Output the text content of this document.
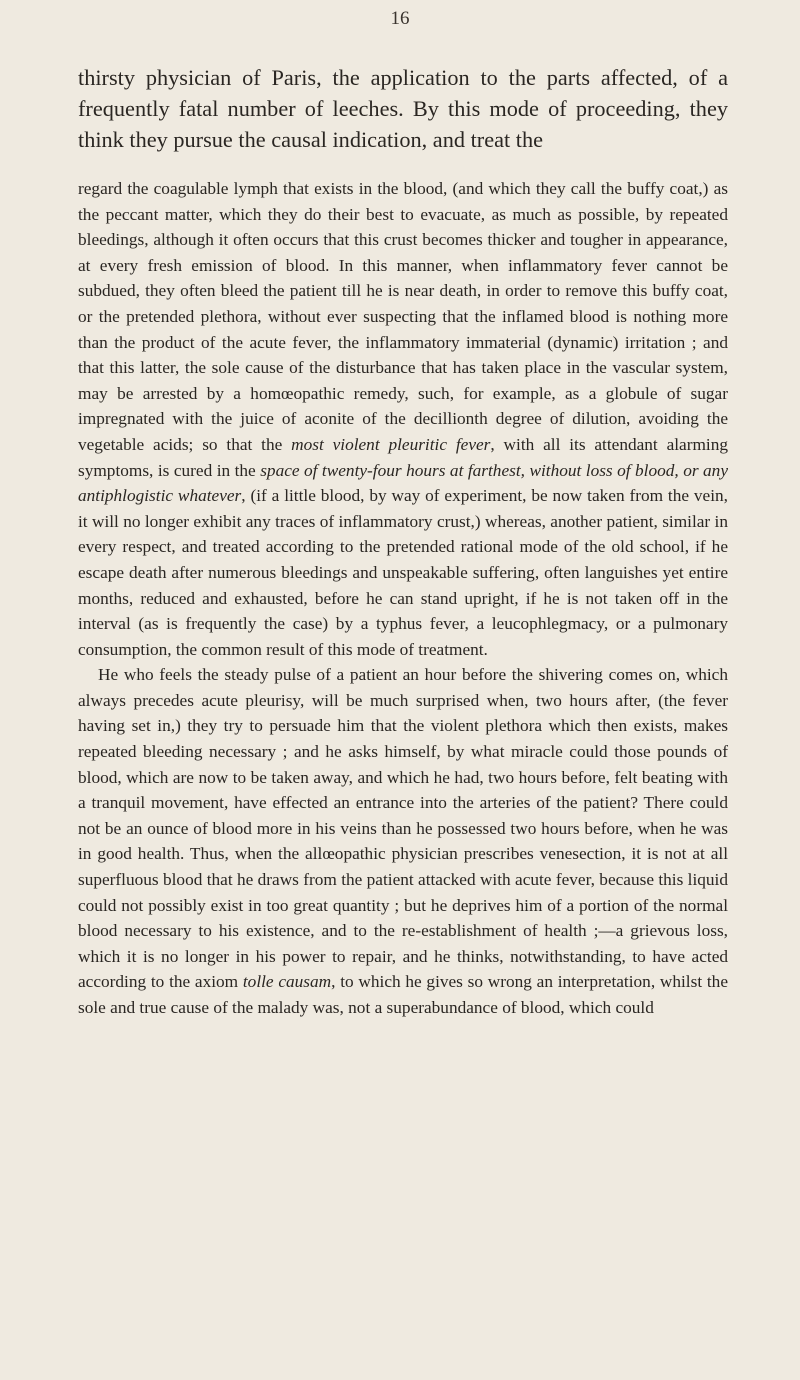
16

thirsty physician of Paris, the application to the parts affected, of a frequently fatal number of leeches. By this mode of proceeding, they think they pursue the causal indication, and treat the

regard the coagulable lymph that exists in the blood, (and which they call the buffy coat,) as the peccant matter, which they do their best to evacuate, as much as possible, by repeated bleedings, although it often occurs that this crust becomes thicker and tougher in appearance, at every fresh emission of blood. In this manner, when inflammatory fever cannot be subdued, they often bleed the patient till he is near death, in order to remove this buffy coat, or the pretended plethora, without ever suspecting that the inflamed blood is nothing more than the product of the acute fever, the inflammatory immaterial (dynamic) irritation ; and that this latter, the sole cause of the disturbance that has taken place in the vascular system, may be arrested by a homœopathic remedy, such, for example, as a globule of sugar impregnated with the juice of aconite of the decillionth degree of dilution, avoiding the vegetable acids; so that the most violent pleuritic fever, with all its attendant alarming symptoms, is cured in the space of twenty-four hours at farthest, without loss of blood, or any antiphlogistic whatever, (if a little blood, by way of experiment, be now taken from the vein, it will no longer exhibit any traces of inflammatory crust,) whereas, another patient, similar in every respect, and treated according to the pretended rational mode of the old school, if he escape death after numerous bleedings and unspeakable suffering, often languishes yet entire months, reduced and exhausted, before he can stand upright, if he is not taken off in the interval (as is frequently the case) by a typhus fever, a leucophlegmacy, or a pulmonary consumption, the common result of this mode of treatment.

He who feels the steady pulse of a patient an hour before the shivering comes on, which always precedes acute pleurisy, will be much surprised when, two hours after, (the fever having set in,) they try to persuade him that the violent plethora which then exists, makes repeated bleeding necessary ; and he asks himself, by what miracle could those pounds of blood, which are now to be taken away, and which he had, two hours before, felt beating with a tranquil movement, have effected an entrance into the arteries of the patient? There could not be an ounce of blood more in his veins than he possessed two hours before, when he was in good health. Thus, when the allœopathic physician prescribes venesection, it is not at all superfluous blood that he draws from the patient attacked with acute fever, because this liquid could not possibly exist in too great quantity ; but he deprives him of a portion of the normal blood necessary to his existence, and to the re-establishment of health ;—a grievous loss, which it is no longer in his power to repair, and he thinks, notwithstanding, to have acted according to the axiom tolle causam, to which he gives so wrong an interpretation, whilst the sole and true cause of the malady was, not a superabundance of blood, which could
